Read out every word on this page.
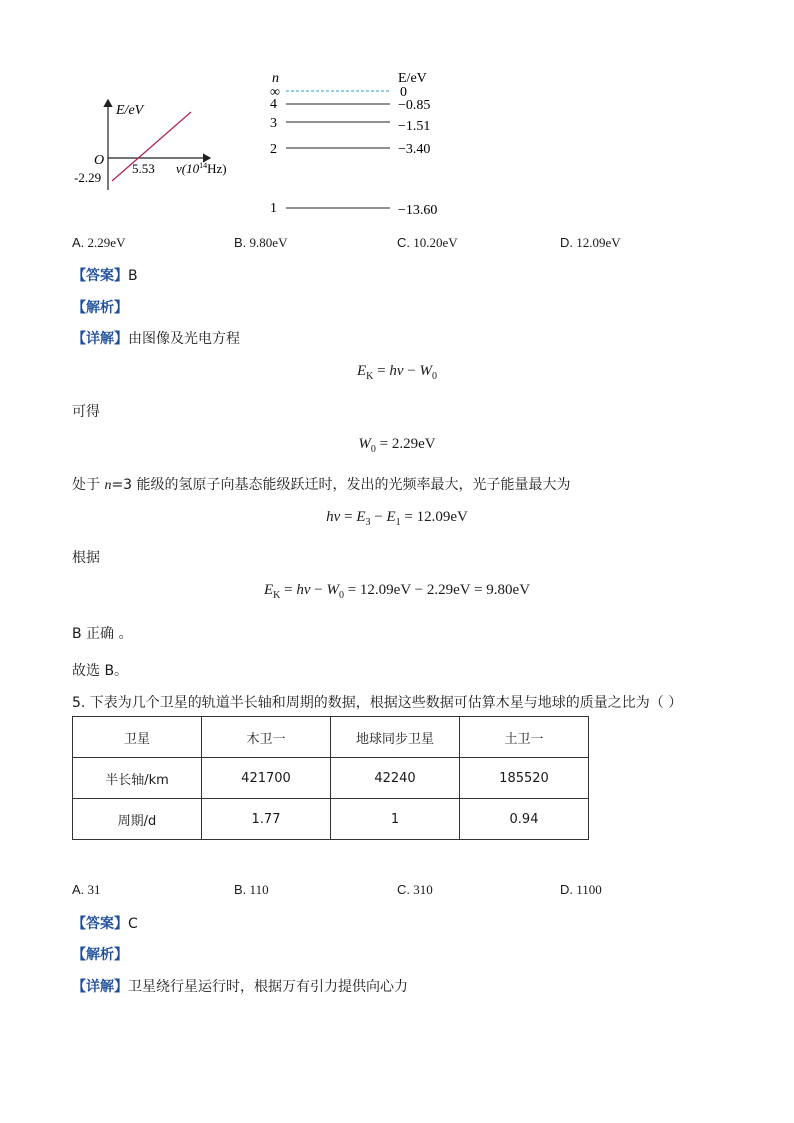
E/eV
O
-2.29
5.53 $\nu(10^{14}Hz)$
n	E/eV
∞
4
3
2
1
0
−0.85
−1.51
−3.40
−13.60
A. 2.29eV	B. 9.80eV	C. 10.20eV	D. 12.09eV
【答案】B
【解析】
【详解】由图像及光电方程
$E_K = h\nu - W_0$
可得
$W_0 = 2.29eV$
处于 n=3 能级的氢原子向基态能级跃迁时，发出的光频率最大，光子能量最大为
$h\nu = E_3 - E_1 = 12.09eV$
根据
$E_K = h\nu - W_0 = 12.09eV - 2.29eV = 9.80eV$
B 正确 。
故选 B。
5. 下表为几个卫星的轨道半长轴和周期的数据，根据这些数据可估算木星与地球的质量之比为（ ）
卫星	木卫一	地球同步卫星	土卫一
半长轴/km	421700	42240	185520
周期/d	1.77	1	0.94
A. 31	B. 110	C. 310	D. 1100
【答案】C
【解析】
【详解】卫星绕行星运行时，根据万有引力提供向心力
